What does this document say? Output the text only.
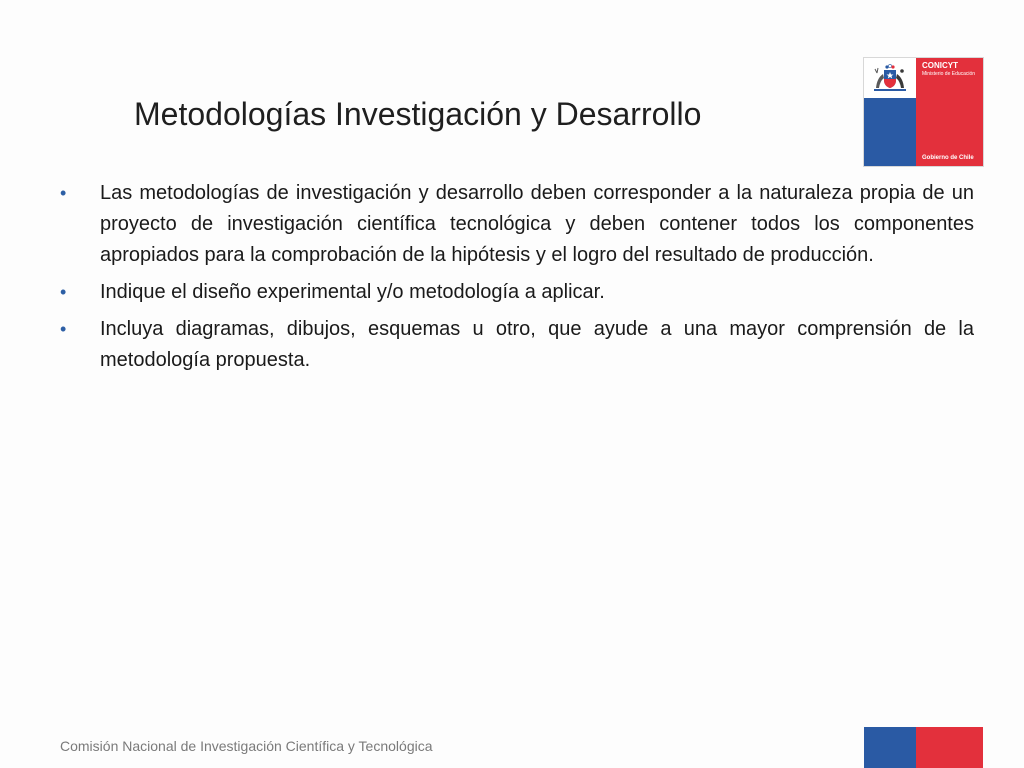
Metodologías Investigación y Desarrollo
• Las metodologías de investigación y desarrollo deben corresponder a la naturaleza propia de un proyecto de investigación científica tecnológica y deben contener todos los componentes apropiados para la comprobación de la hipótesis y el logro del resultado de producción.
• Indique el diseño experimental y/o metodología a aplicar.
• Incluya diagramas, dibujos, esquemas u otro, que ayude a una mayor comprensión de la metodología propuesta.
CONICYT
Ministerio de Educación
Gobierno de Chile
Comisión Nacional de Investigación Científica y Tecnológica
